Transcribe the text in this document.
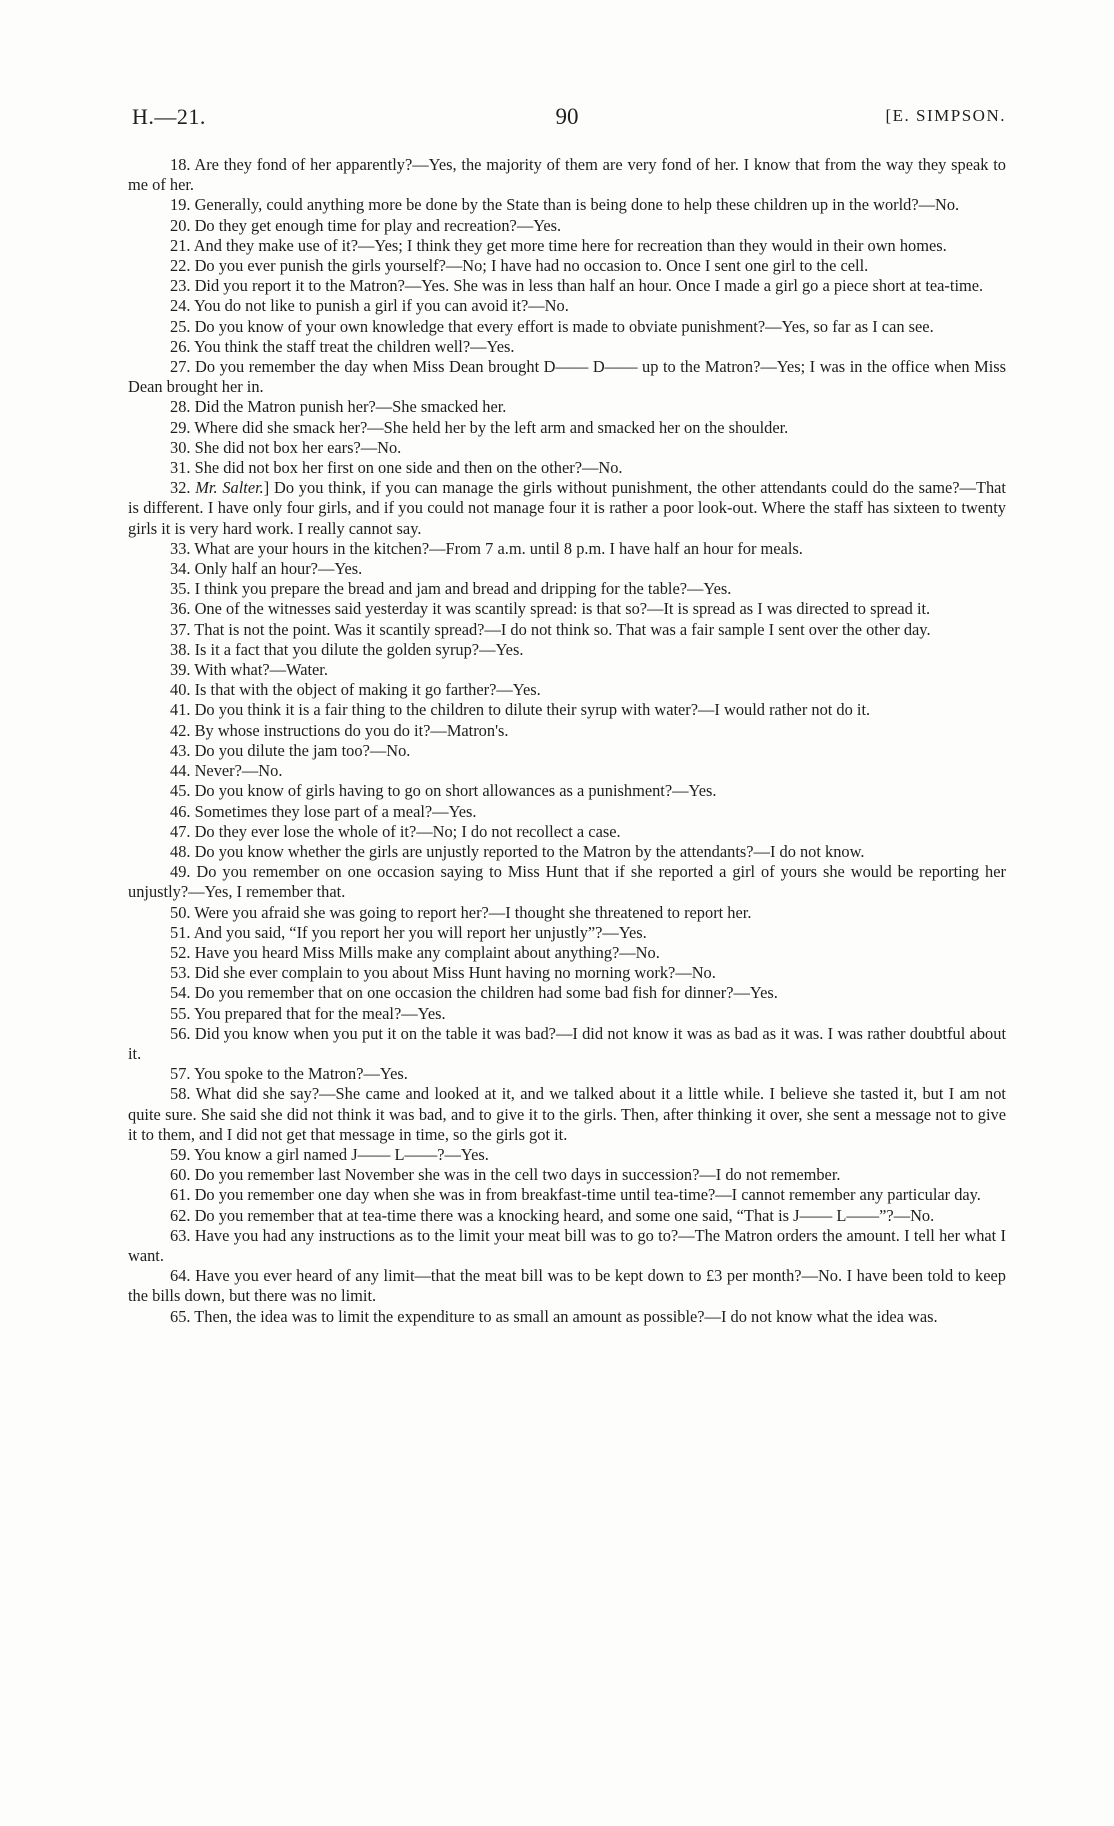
H.—21.	90	[E. SIMPSON.

18 . Are they fond of her apparently?—Yes, the majority of them are very fond of her. I know that from the way they speak to me of her.

19 . Generally, could anything more be done by the State than is being done to help these children up in the world?—No.

20 . Do they get enough time for play and recreation?—Yes.

21 . And they make use of it?—Yes; I think they get more time here for recreation than they would in their own homes.

22 . Do you ever punish the girls yourself?—No; I have had no occasion to. Once I sent one girl to the cell.

23 . Did you report it to the Matron?—Yes. She was in less than half an hour. Once I made a girl go a piece short at tea-time.

24 . You do not like to punish a girl if you can avoid it?—No.

25 . Do you know of your own knowledge that every effort is made to obviate punishment?—Yes, so far as I can see.

26 . You think the staff treat the children well?—Yes.

27 . Do you remember the day when Miss Dean brought D—— D—— up to the Matron?—Yes; I was in the office when Miss Dean brought her in.

28 . Did the Matron punish her?—She smacked her.

29 . Where did she smack her?—She held her by the left arm and smacked her on the shoulder.

30 . She did not box her ears?—No.

31 . She did not box her first on one side and then on the other?—No.

32 . Mr. Salter.] Do you think, if you can manage the girls without punishment, the other attendants could do the same?—That is different. I have only four girls, and if you could not manage four it is rather a poor look-out. Where the staff has sixteen to twenty girls it is very hard work. I really cannot say.

33 . What are your hours in the kitchen?—From 7 a.m. until 8 p.m. I have half an hour for meals.

34 . Only half an hour?—Yes.

35 . I think you prepare the bread and jam and bread and dripping for the table?—Yes.

36 . One of the witnesses said yesterday it was scantily spread: is that so?—It is spread as I was directed to spread it.

37 . That is not the point. Was it scantily spread?—I do not think so. That was a fair sample I sent over the other day.

38 . Is it a fact that you dilute the golden syrup?—Yes.

39 . With what?—Water.

40 . Is that with the object of making it go farther?—Yes.

41 . Do you think it is a fair thing to the children to dilute their syrup with water?—I would rather not do it.

42 . By whose instructions do you do it?—Matron's.

43 . Do you dilute the jam too?—No.

44 . Never?—No.

45 . Do you know of girls having to go on short allowances as a punishment?—Yes.

46 . Sometimes they lose part of a meal?—Yes.

47 . Do they ever lose the whole of it?—No; I do not recollect a case.

48 . Do you know whether the girls are unjustly reported to the Matron by the attendants?—I do not know.

49 . Do you remember on one occasion saying to Miss Hunt that if she reported a girl of yours she would be reporting her unjustly?—Yes, I remember that.

50 . Were you afraid she was going to report her?—I thought she threatened to report her.

51 . And you said, “If you report her you will report her unjustly”?—Yes.

52 . Have you heard Miss Mills make any complaint about anything?—No.

53 . Did she ever complain to you about Miss Hunt having no morning work?—No.

54 . Do you remember that on one occasion the children had some bad fish for dinner?—Yes.

55 . You prepared that for the meal?—Yes.

56 . Did you know when you put it on the table it was bad?—I did not know it was as bad as it was. I was rather doubtful about it.

57 . You spoke to the Matron?—Yes.

58 . What did she say?—She came and looked at it, and we talked about it a little while. I believe she tasted it, but I am not quite sure. She said she did not think it was bad, and to give it to the girls. Then, after thinking it over, she sent a message not to give it to them, and I did not get that message in time, so the girls got it.

59 . You know a girl named J—— L——?—Yes.

60 . Do you remember last November she was in the cell two days in succession?—I do not remember.

61 . Do you remember one day when she was in from breakfast-time until tea-time?—I cannot remember any particular day.

62 . Do you remember that at tea-time there was a knocking heard, and some one said, “That is J—— L——”?—No.

63 . Have you had any instructions as to the limit your meat bill was to go to?—The Matron orders the amount. I tell her what I want.

64 . Have you ever heard of any limit—that the meat bill was to be kept down to £3 per month?—No. I have been told to keep the bills down, but there was no limit.

65 . Then, the idea was to limit the expenditure to as small an amount as possible?—I do not know what the idea was.
